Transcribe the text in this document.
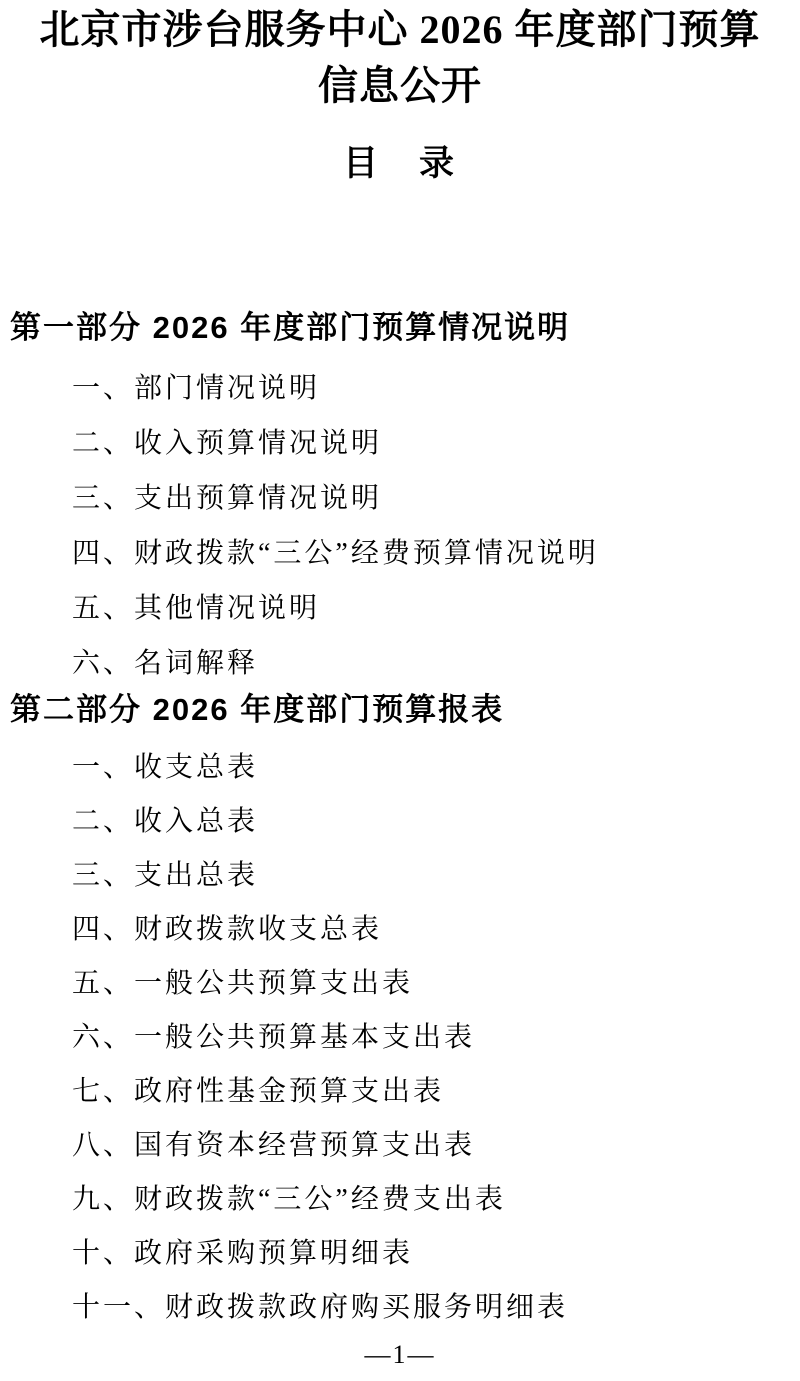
北京市涉台服务中心 2026 年度部门预算
信息公开
目　录
第一部分 2026 年度部门预算情况说明
一、部门情况说明
二、收入预算情况说明
三、支出预算情况说明
四、财政拨款“三公”经费预算情况说明
五、其他情况说明
六、名词解释
第二部分 2026 年度部门预算报表
一、收支总表
二、收入总表
三、支出总表
四、财政拨款收支总表
五、一般公共预算支出表
六、一般公共预算基本支出表
七、政府性基金预算支出表
八、国有资本经营预算支出表
九、财政拨款“三公”经费支出表
十、政府采购预算明细表
十一、财政拨款政府购买服务明细表
—1—
